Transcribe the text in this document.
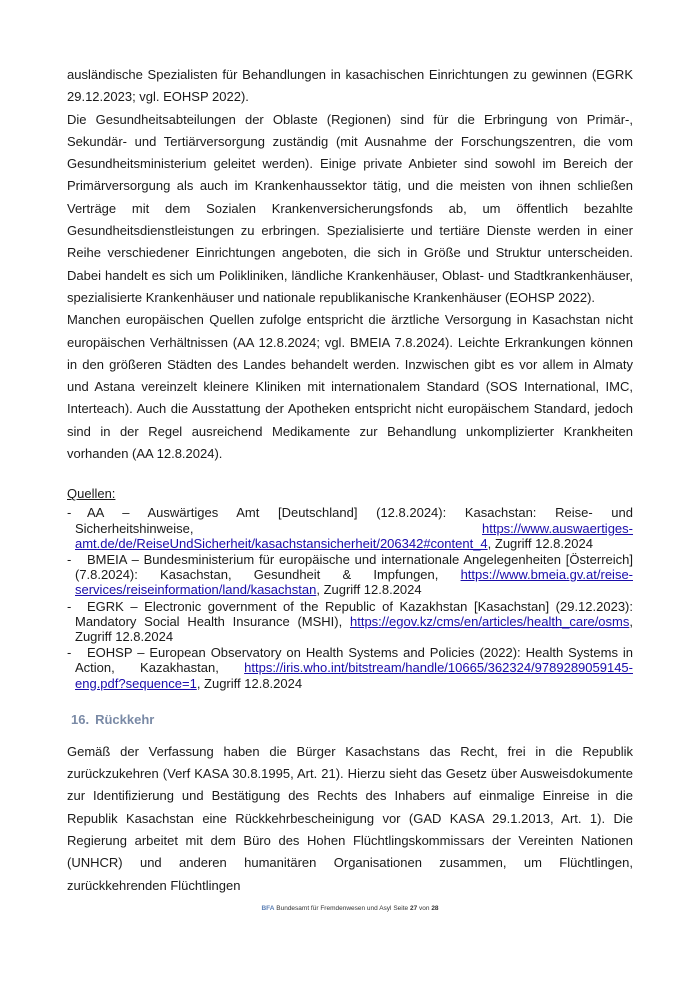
ausländische Spezialisten für Behandlungen in kasachischen Einrichtungen zu gewinnen (EGRK 29.12.2023; vgl. EOHSP 2022).

Die Gesundheitsabteilungen der Oblaste (Regionen) sind für die Erbringung von Primär-, Sekundär- und Tertiärversorgung zuständig (mit Ausnahme der Forschungszentren, die vom Gesundheitsministerium geleitet werden). Einige private Anbieter sind sowohl im Bereich der Primärversorgung als auch im Krankenhaussektor tätig, und die meisten von ihnen schließen Verträge mit dem Sozialen Krankenversicherungsfonds ab, um öffentlich bezahlte Gesundheitsdienstleistungen zu erbringen. Spezialisierte und tertiäre Dienste werden in einer Reihe verschiedener Einrichtungen angeboten, die sich in Größe und Struktur unterscheiden. Dabei handelt es sich um Polikliniken, ländliche Krankenhäuser, Oblast- und Stadtkrankenhäuser, spezialisierte Krankenhäuser und nationale republikanische Krankenhäuser (EOHSP 2022).

Manchen europäischen Quellen zufolge entspricht die ärztliche Versorgung in Kasachstan nicht europäischen Verhältnissen (AA 12.8.2024; vgl. BMEIA 7.8.2024). Leichte Erkrankungen können in den größeren Städten des Landes behandelt werden. Inzwischen gibt es vor allem in Almaty und Astana vereinzelt kleinere Kliniken mit internationalem Standard (SOS International, IMC, Interteach). Auch die Ausstattung der Apotheken entspricht nicht europäischem Standard, jedoch sind in der Regel ausreichend Medikamente zur Behandlung unkomplizierter Krankheiten vorhanden (AA 12.8.2024).

Quellen:
- AA – Auswärtiges Amt [Deutschland] (12.8.2024): Kasachstan: Reise- und Sicherheitshinweise, https://www.auswaertiges-amt.de/de/ReiseUndSicherheit/kasachstansicherheit/206342#content_4, Zugriff 12.8.2024
- BMEIA – Bundesministerium für europäische und internationale Angelegenheiten [Österreich] (7.8.2024): Kasachstan, Gesundheit & Impfungen, https://www.bmeia.gv.at/reise-services/reiseinformation/land/kasachstan, Zugriff 12.8.2024
- EGRK – Electronic government of the Republic of Kazakhstan [Kasachstan] (29.12.2023): Mandatory Social Health Insurance (MSHI), https://egov.kz/cms/en/articles/health_care/osms, Zugriff 12.8.2024
- EOHSP – European Observatory on Health Systems and Policies (2022): Health Systems in Action, Kazakhastan, https://iris.who.int/bitstream/handle/10665/362324/9789289059145-eng.pdf?sequence=1, Zugriff 12.8.2024
16. Rückkehr

Gemäß der Verfassung haben die Bürger Kasachstans das Recht, frei in die Republik zurückzukehren (Verf KASA 30.8.1995, Art. 21). Hierzu sieht das Gesetz über Ausweisdokumente zur Identifizierung und Bestätigung des Rechts des Inhabers auf einmalige Einreise in die Republik Kasachstan eine Rückkehrbescheinigung vor (GAD KASA 29.1.2013, Art. 1). Die Regierung arbeitet mit dem Büro des Hohen Flüchtlingskommissars der Vereinten Nationen (UNHCR) und anderen humanitären Organisationen zusammen, um Flüchtlingen, zurückkehrenden Flüchtlingen

BFA Bundesamt für Fremdenwesen und Asyl Seite 27 von 28
